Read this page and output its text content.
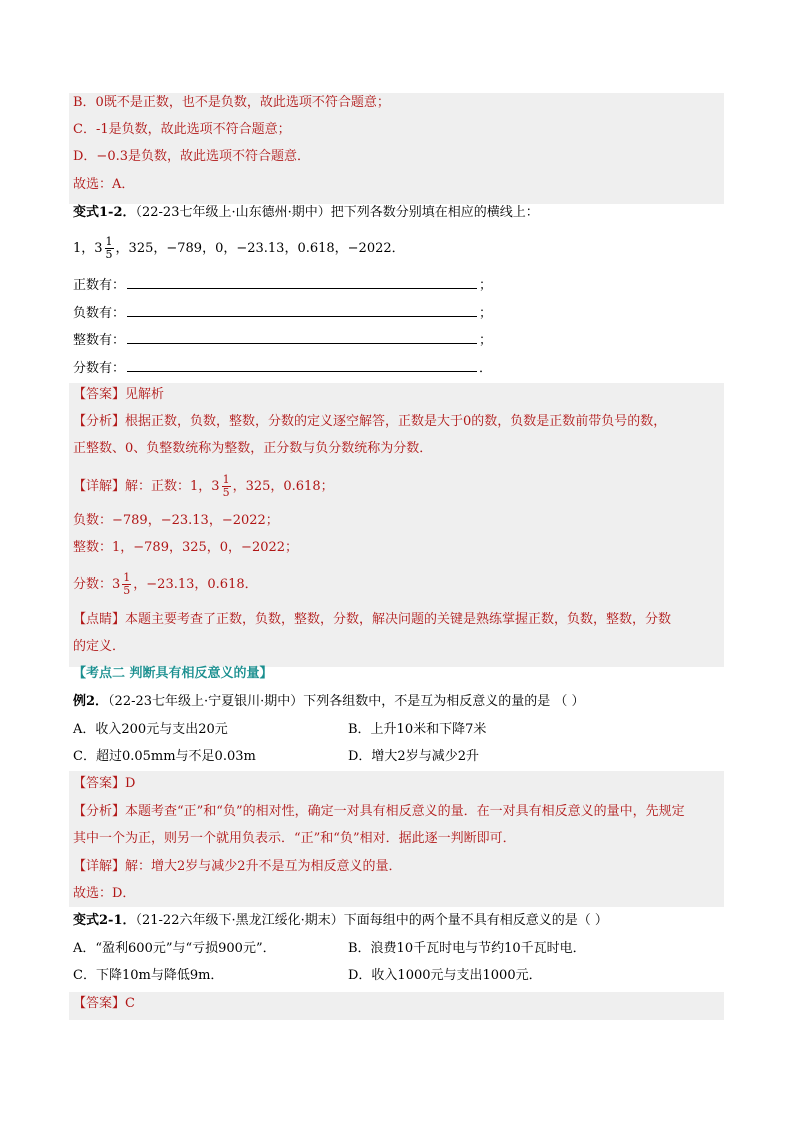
B．0既不是正数，也不是负数，故此选项不符合题意；
C．-1是负数，故此选项不符合题意；
D．−0.3是负数，故此选项不符合题意．
故选：A．
变式1-2．（22-23七年级上·山东德州·期中）把下列各数分别填在相应的横线上：
1，$3 \frac{1}{5}$ ，325，−789，0，−23.13，0.618，−2022．
正数有：	；
负数有：	；
整数有：	；
分数有：	．
【答案】见解析
【分析】根据正数，负数，整数，分数的定义逐空解答，正数是大于0的数，负数是正数前带负号的数，
正整数、0、负整数统称为整数，正分数与负分数统称为分数．
【详解】解：正数：1，$3 \frac{1}{5}$ ，325，0.618；
负数：−789，−23.13，−2022；
整数：1，−789，325，0，−2022；
分数：$3 \frac{1}{5}$ ，−23.13，0.618．
【点睛】本题主要考查了正数，负数，整数，分数，解决问题的关键是熟练掌握正数，负数，整数，分数
的定义．
【考点二 判断具有相反意义的量】
例2．（22-23七年级上·宁夏银川·期中）下列各组数中，不是互为相反意义的量的是 （ ）
A．收入200元与支出20元	B．上升10米和下降7米
C．超过0.05mm与不足0.03m	D．增大2岁与减少2升
【答案】D
【分析】本题考查“正”和“负”的相对性，确定一对具有相反意义的量．在一对具有相反意义的量中，先规定
其中一个为正，则另一个就用负表示．“正”和“负”相对．据此逐一判断即可．
【详解】解：增大2岁与减少2升不是互为相反意义的量．
故选：D．
变式2-1．（21-22六年级下·黑龙江绥化·期末）下面每组中的两个量不具有相反意义的是（ ）
A．“盈利600元”与“亏损900元”．	B．浪费10千瓦时电与节约10千瓦时电．
C．下降10m与降低9m．	D．收入1000元与支出1000元．
【答案】C
